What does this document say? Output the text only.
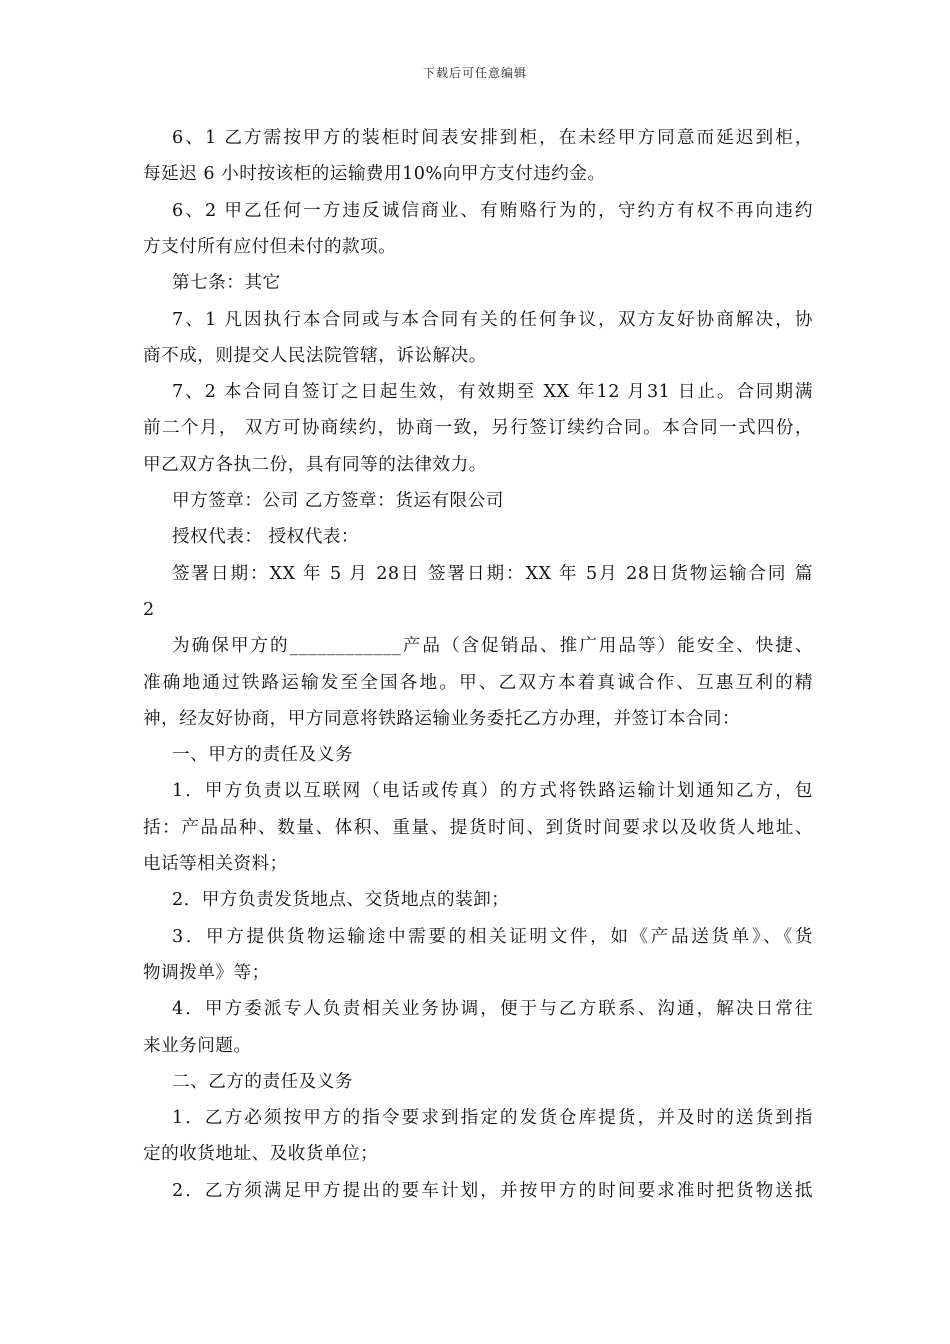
下载后可任意编辑
6、1 乙方需按甲方的装柜时间表安排到柜，在未经甲方同意而延迟到柜，
每延迟 6 小时按该柜的运输费用10%向甲方支付违约金。
6、2 甲乙任何一方违反诚信商业、有贿赂行为的，守约方有权不再向违约
方支付所有应付但未付的款项。
第七条：其它
7、1 凡因执行本合同或与本合同有关的任何争议，双方友好协商解决，协
商不成，则提交人民法院管辖，诉讼解决。
7、2 本合同自签订之日起生效，有效期至 XX 年12 月31 日止。合同期满
前二个月， 双方可协商续约，协商一致，另行签订续约合同。本合同一式四份，
甲乙双方各执二份，具有同等的法律效力。
甲方签章：公司 乙方签章：货运有限公司
授权代表： 授权代表：
签署日期：XX 年 5 月 28日 签署日期：XX 年 5月 28日货物运输合同 篇
2
为确保甲方的____________产品（含促销品、推广用品等）能安全、快捷、
准确地通过铁路运输发至全国各地。甲、乙双方本着真诚合作、互惠互利的精
神，经友好协商，甲方同意将铁路运输业务委托乙方办理，并签订本合同：
一、甲方的责任及义务
1．甲方负责以互联网（电话或传真）的方式将铁路运输计划通知乙方，包
括：产品品种、数量、体积、重量、提货时间、到货时间要求以及收货人地址、
电话等相关资料；
2．甲方负责发货地点、交货地点的装卸；
3．甲方提供货物运输途中需要的相关证明文件，如《产品送货单》、《货
物调拨单》等；
4．甲方委派专人负责相关业务协调，便于与乙方联系、沟通，解决日常往
来业务问题。
二、乙方的责任及义务
1．乙方必须按甲方的指令要求到指定的发货仓库提货，并及时的送货到指
定的收货地址、及收货单位；
2．乙方须满足甲方提出的要车计划，并按甲方的时间要求准时把货物送抵
